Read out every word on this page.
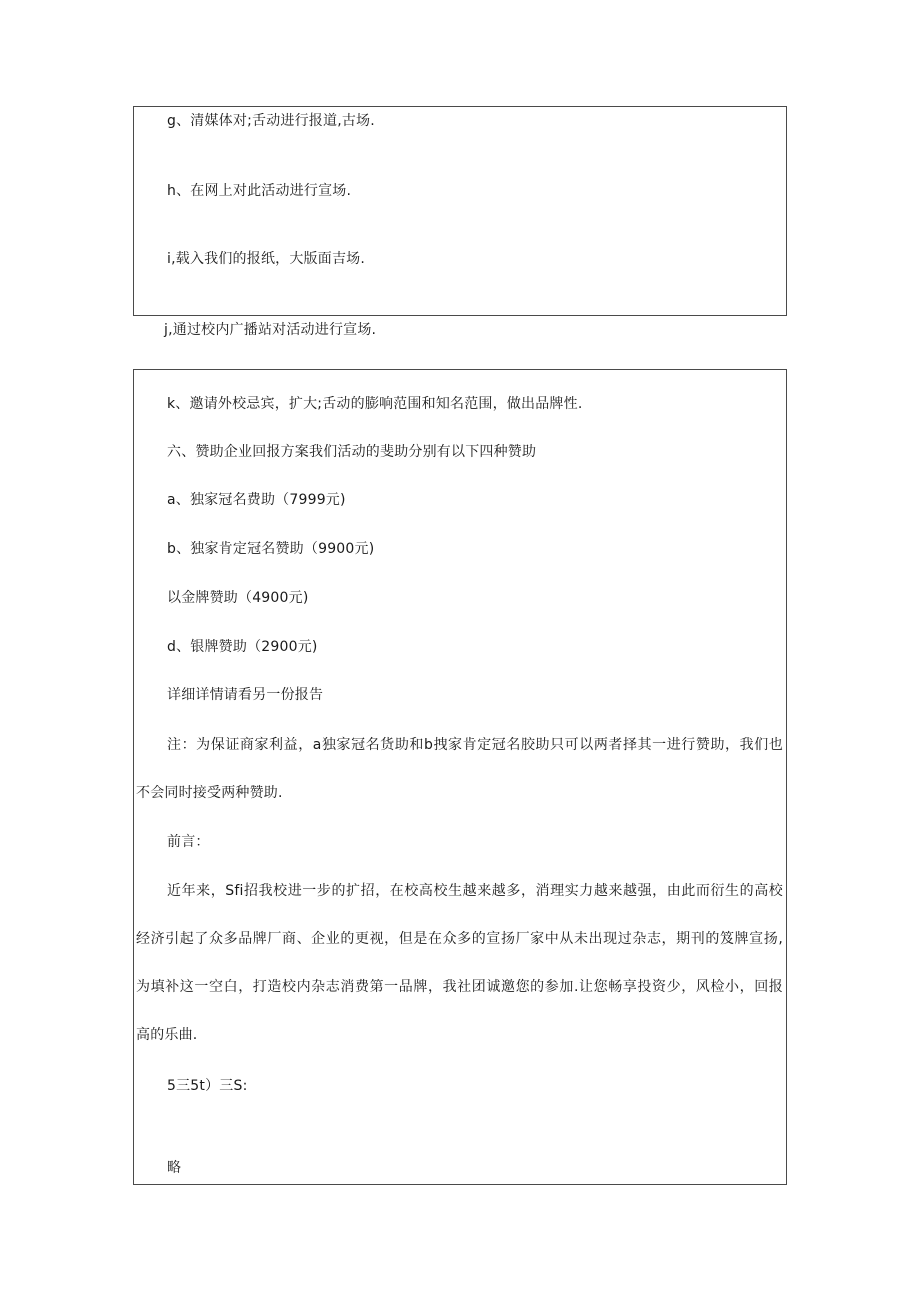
g、清媒体对;舌动进行报道,古场.
h、在网上对此活动进行宣场.
i,载入我们的报纸，大版面吉场.
j,通过校内广播站对活动进行宣场.
k、邀请外校忌宾，扩大;舌动的膨响范围和知名范围，做出品牌性.
六、赞助企业回报方案我们活动的斐助分别有以下四种赞助
a、独家冠名费助（7999元)
b、独家肯定冠名赞助（9900元)
以金牌赞助（4900元)
d、银牌赞助（2900元)
详细详情请看另一份报告
注：为保证商家利益，a独家冠名货助和b拽家肯定冠名胶助只可以两者择其一进行赞助，我们也
不会同时接受两种赞助.
前言：
近年来，Sfi招我校进一步的扩招，在校高校生越来越多，消理实力越来越强，由此而衍生的高校
经济引起了众多品牌厂商、企业的更视，但是在众多的宣扬厂家中从未出现过杂志，期刊的笈牌宣扬,
为填补这一空白，打造校内杂志消费第一品牌，我社团诚邀您的参加.让您畅享投资少，风检小，回报
高的乐曲.
5三5t）三S:
略
